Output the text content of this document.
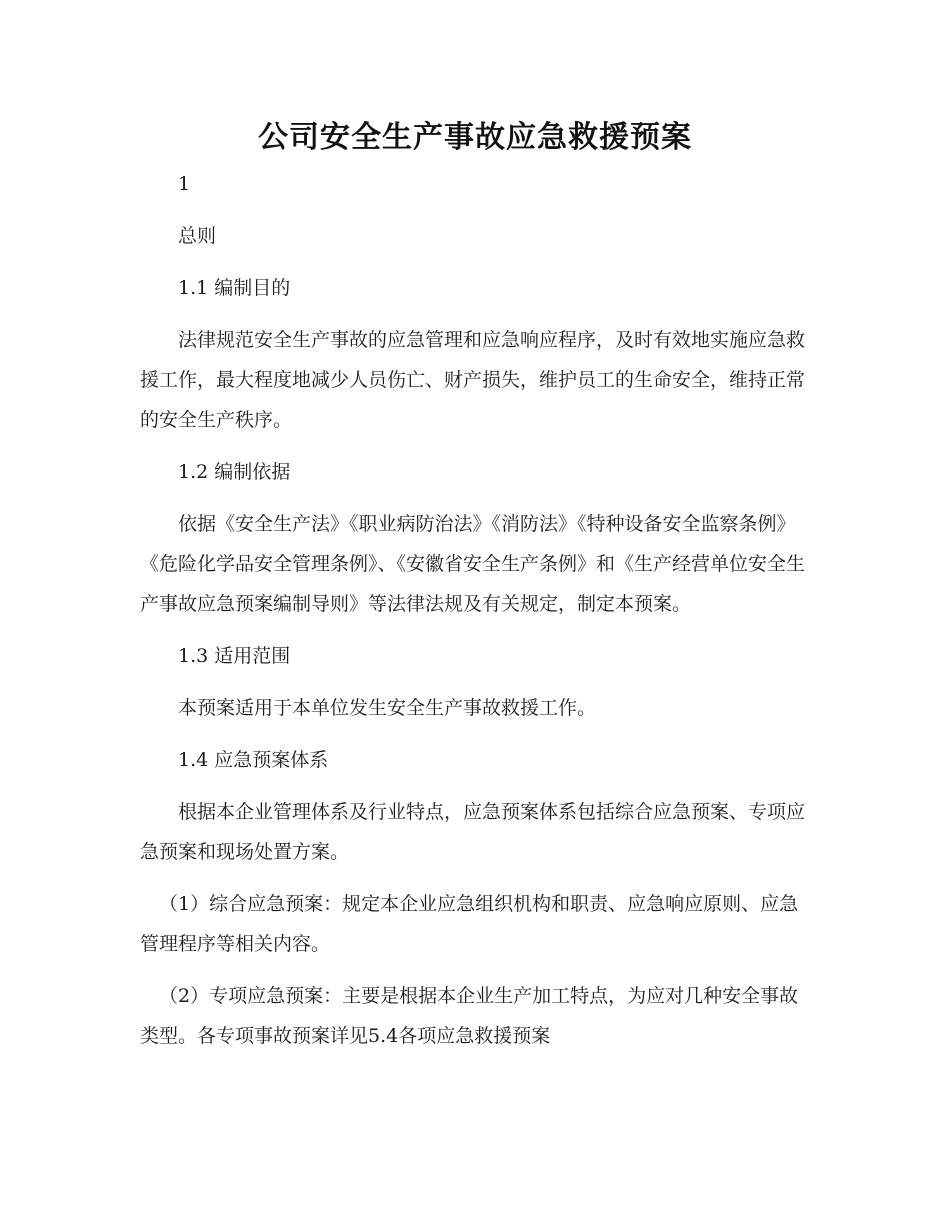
公司安全生产事故应急救援预案

1

总则

1.1 编制目的

法律规范安全生产事故的应急管理和应急响应程序，及时有效地实施应急救援工作，最大程度地减少人员伤亡、财产损失，维护员工的生命安全，维持正常的安全生产秩序。

1.2 编制依据

依据《安全生产法》《职业病防治法》《消防法》《特种设备安全监察条例》《危险化学品安全管理条例》、《安徽省安全生产条例》和《生产经营单位安全生产事故应急预案编制导则》等法律法规及有关规定，制定本预案。

1.3 适用范围

本预案适用于本单位发生安全生产事故救援工作。

1.4 应急预案体系

根据本企业管理体系及行业特点，应急预案体系包括综合应急预案、专项应急预案和现场处置方案。

（1）综合应急预案：规定本企业应急组织机构和职责、应急响应原则、应急管理程序等相关内容。

（2）专项应急预案：主要是根据本企业生产加工特点，为应对几种安全事故类型。各专项事故预案详见5.4各项应急救援预案
